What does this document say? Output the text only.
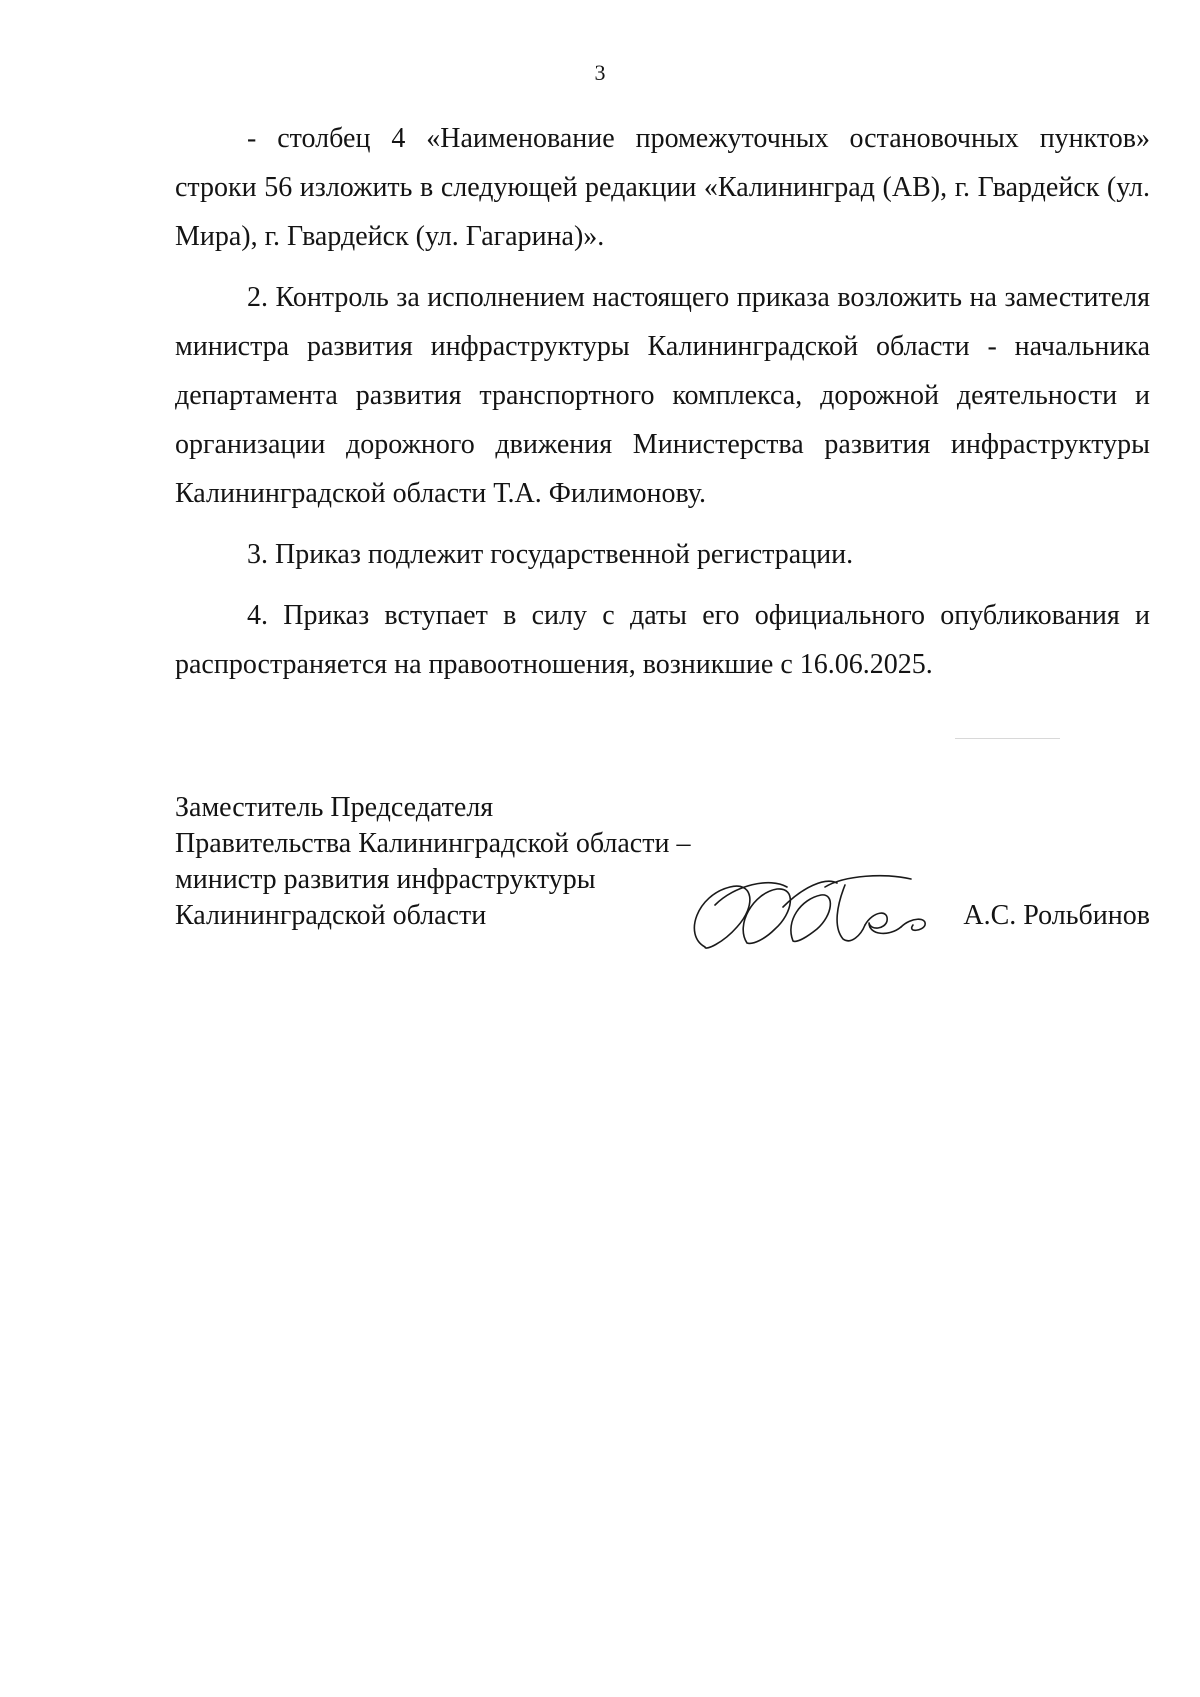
3

- столбец 4 «Наименование промежуточных остановочных пунктов» строки 56 изложить в следующей редакции «Калининград (АВ), г. Гвардейск (ул. Мира), г. Гвардейск (ул. Гагарина)».

2. Контроль за исполнением настоящего приказа возложить на заместителя министра развития инфраструктуры Калининградской области - начальника департамента развития транспортного комплекса, дорожной деятельности и организации дорожного движения Министерства развития инфраструктуры Калининградской области Т.А. Филимонову.

3. Приказ подлежит государственной регистрации.

4. Приказ вступает в силу с даты его официального опубликования и распространяется на правоотношения, возникшие с 16.06.2025.

Заместитель Председателя
Правительства Калининградской области –
министр развития инфраструктуры
Калининградской области	А.С. Рольбинов
